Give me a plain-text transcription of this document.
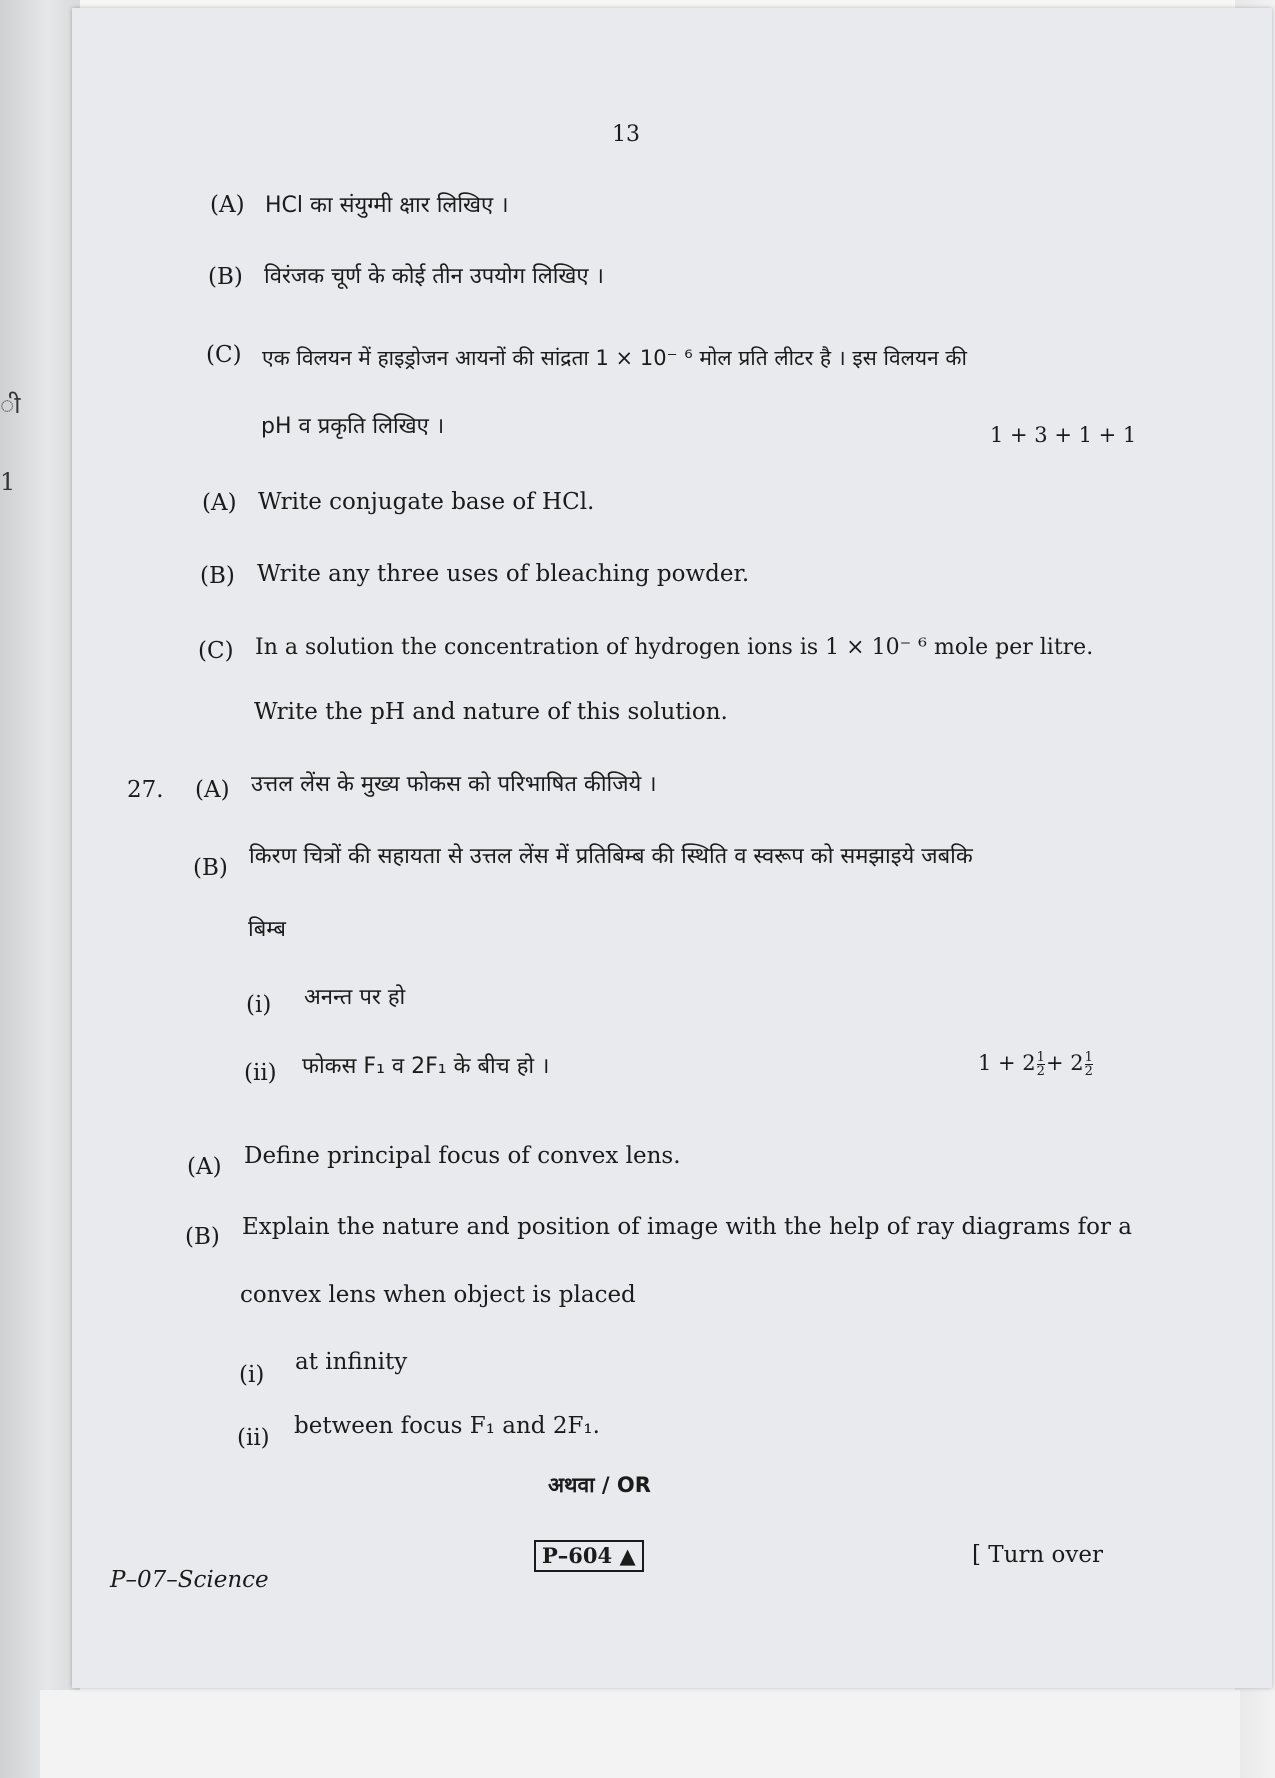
ी
1
13
(A) HCl का संयुग्मी क्षार लिखिए ।
(B) विरंजक चूर्ण के कोई तीन उपयोग लिखिए ।
(C) एक विलयन में हाइड्रोजन आयनों की सांद्रता 1 × 10⁻ ⁶ मोल प्रति लीटर है । इस विलयन की
pH व प्रकृति लिखिए ।	1 + 3 + 1 + 1
(A) Write conjugate base of HCl.
(B) Write any three uses of bleaching powder.
(C) In a solution the concentration of hydrogen ions is 1 × 10⁻ ⁶ mole per litre.
Write the pH and nature of this solution.
27. (A) उत्तल लेंस के मुख्य फोकस को परिभाषित कीजिये ।
(B) किरण चित्रों की सहायता से उत्तल लेंस में प्रतिबिम्ब की स्थिति व स्वरूप को समझाइये जबकि
बिम्ब
(i) अनन्त पर हो
(ii) फोकस F₁ व 2F₁ के बीच हो ।	$1 + 2 \frac{1}{2} + 2 \frac{1}{2}$
(A) Define principal focus of convex lens.
(B) Explain the nature and position of image with the help of ray diagrams for a
convex lens when object is placed
(i) at infinity
(ii) between focus F₁ and 2F₁.
अथवा / OR
P–604 ▲	[ Turn over
P–07–Science
